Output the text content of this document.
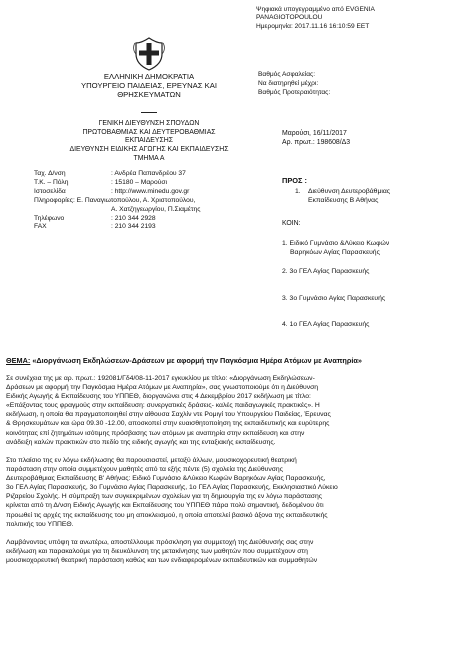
Ψηφιακά υπογεγραμμένο από EVGENIA
PANAGIOTOPOULOU
Ημερομηνία: 2017.11.16 16:10:59 EET
ΕΛΛΗΝΙΚΗ ΔΗΜΟΚΡΑΤΙΑ
ΥΠΟΥΡΓΕΙΟ ΠΑΙΔΕΙΑΣ, ΕΡΕΥΝΑΣ ΚΑΙ
ΘΡΗΣΚΕΥΜΑΤΩΝ
ΓΕΝΙΚΗ ΔΙΕΥΘΥΝΣΗ ΣΠΟΥΔΩΝ
ΠΡΩΤΟΒΑΘΜΙΑΣ ΚΑΙ ΔΕΥΤΕΡΟΒΑΘΜΙΑΣ
ΕΚΠΑΙΔΕΥΣΗΣ
ΔΙΕΥΘΥΝΣΗ ΕΙΔΙΚΗΣ ΑΓΩΓΗΣ ΚΑΙ ΕΚΠΑΙΔΕΥΣΗΣ
ΤΜΗΜΑ Α
Ταχ. Δ/νση	: Ανδρέα Παπανδρέου 37
Τ.Κ. – Πόλη	: 15180 – Μαρούσι
Ιστοσελίδα	: http://www.minedu.gov.gr
Πληροφορίες: Ε. Παναγιωτοπούλου, Α. Χριστοπούλου,
Α. Χατζηγεωργίου, Π.Σιαμέτης
Τηλέφωνο	: 210 344 2928
FAX	: 210 344 2193
Βαθμός Ασφαλείας:
Να διατηρηθεί μέχρι:
Βαθμός Προτεραιότητας:
Μαρούσι, 16/11/2017
Αρ. πρωτ.: 198608/Δ3
ΠΡΟΣ :
1. Διεύθυνση Δευτεροβάθμιας
Εκπαίδευσης Β Αθήνας
ΚΟΙΝ:
1. Ειδικό Γυμνάσιο &Λύκειο Κωφών
Βαρηκόων Αγίας Παρασκευής
2. 3ο ΓΕΛ Αγίας Παρασκευής
3. 3ο Γυμνάσιο Αγίας Παρασκευής
4. 1ο ΓΕΛ Αγίας Παρασκευής
ΘΕΜΑ: «Διοργάνωση Εκδηλώσεων-Δράσεων με αφορμή την Παγκόσμια Ημέρα Ατόμων με Αναπηρία»
Σε συνέχεια της με αρ. πρωτ.: 192081/Γδ4/08-11-2017 εγκυκλίου με τίτλο: «Διοργάνωση Εκδηλώσεων-
Δράσεων με αφορμή την Παγκόσμια Ημέρα Ατόμων με Αναπηρία», σας γνωστοποιούμε ότι η Διεύθυνση
Ειδικής Αγωγής & Εκπαίδευσης του ΥΠΠΕΘ, διοργανώνει στις 4 Δεκεμβρίου 2017 εκδήλωση με τίτλο:
«Επάξοντας τους φραγμούς στην εκπαίδευση: συνεργατικές δράσεις- καλές παιδαγωγικές πρακτικές». Η
εκδήλωση, η οποία θα πραγματοποιηθεί στην αίθουσα Σαχλίν ντε Ρομιγί του Υπουργείου Παιδείας, Έρευνας
& Θρησκευμάτων και ώρα 09.30 -12.00, αποσκοπεί στην ευαισθητοποίηση της εκπαιδευτικής και ευρύτερης
κοινότητας επί ζητημάτων ισότιμης πρόσβασης των ατόμων με αναπηρία στην εκπαίδευση και στην
ανάδειξη καλών πρακτικών στο πεδίο της ειδικής αγωγής και της ενταξιακής εκπαίδευσης.
Στο πλαίσιο της εν λόγω εκδήλωσης θα παρουσιαστεί, μεταξύ άλλων, μουσικοχορευτική θεατρική
παράσταση στην οποία συμμετέχουν μαθητές από τα εξής πέντε (5) σχολεία της Διεύθυνσης
Δευτεροβάθμιας Εκπαίδευσης Β' Αθήνας: Ειδικό Γυμνάσιο &Λύκειο Κωφών Βαρηκόων Αγίας Παρασκευής,
3ο ΓΕΛ Αγίας Παρασκευής, 3ο Γυμνάσιο Αγίας Παρασκευής, 1ο ΓΕΛ Αγίας Παρασκευής, Εκκλησιαστικό Λύκειο
Ριζαρείου Σχολής. Η σύμπραξη των συγκεκριμένων σχολείων για τη δημιουργία της εν λόγω παράστασης
κρίνεται από τη Δ/νση Ειδικής Αγωγής και Εκπαίδευσης του ΥΠΠΕΘ πάρα πολύ σημαντική, δεδομένου ότι
προωθεί τις αρχές της εκπαίδευσης του μη αποκλεισμού, η οποία αποτελεί βασικό άξονα της εκπαιδευτικής
πολιτικής του ΥΠΠΕΘ.
Λαμβάνοντας υπόψη τα ανωτέρω, αποστέλλουμε πρόσκληση για συμμετοχή της Διεύθυνσής σας στην
εκδήλωση και παρακαλούμε για τη διευκόλυνση της μετακίνησης των μαθητών που συμμετέχουν στη
μουσικοχορευτική θεατρική παράσταση καθώς και των ενδιαφερομένων εκπαιδευτικών και συμμαθητών
